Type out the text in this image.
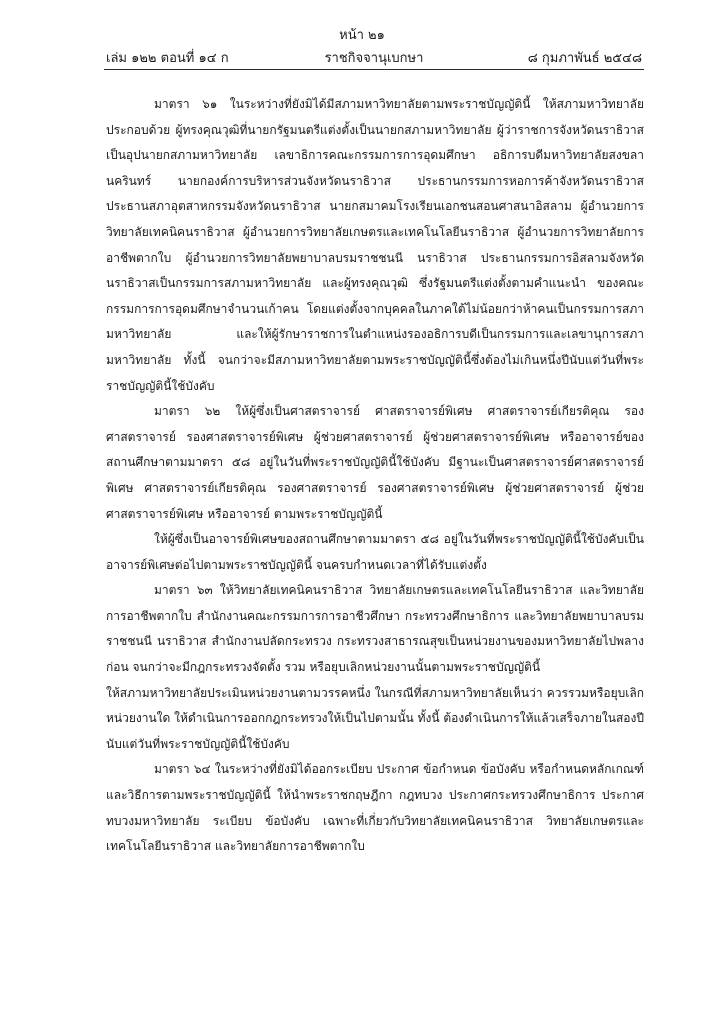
หน้า ๒๑
ราชกิจจานุเบกษา
เล่ม ๑๒๒ ตอนที่ ๑๔ ก	๘ กุมภาพันธ์ ๒๕๔๘

มาตรา ๖๑ ในระหว่างที่ยังมิได้มีสภามหาวิทยาลัยตามพระราชบัญญัตินี้ ให้สภามหาวิทยาลัย ประกอบด้วย ผู้ทรงคุณวุฒิที่นายกรัฐมนตรีแต่งตั้งเป็นนายกสภามหาวิทยาลัย ผู้ว่าราชการจังหวัดนราธิวาส เป็นอุปนายกสภามหาวิทยาลัย เลขาธิการคณะกรรมการการอุดมศึกษา อธิการบดีมหาวิทยาลัยสงขลานครินทร์ นายกองค์การบริหารส่วนจังหวัดนราธิวาส ประธานกรรมการหอการค้าจังหวัดนราธิวาส ประธานสภาอุตสาหกรรมจังหวัดนราธิวาส นายกสมาคมโรงเรียนเอกชนสอนศาสนาอิสลาม ผู้อำนวยการวิทยาลัยเทคนิคนราธิวาส ผู้อำนวยการวิทยาลัยเกษตรและเทคโนโลยีนราธิวาส ผู้อำนวยการวิทยาลัยการอาชีพตากใบ ผู้อำนวยการวิทยาลัยพยาบาลบรมราชชนนี นราธิวาส ประธานกรรมการอิสลามจังหวัดนราธิวาสเป็นกรรมการสภามหาวิทยาลัย และผู้ทรงคุณวุฒิ ซึ่งรัฐมนตรีแต่งตั้งตามคำแนะนำ ของคณะกรรมการการอุดมศึกษาจำนวนเก้าคน โดยแต่งตั้งจากบุคคลในภาคใต้ไม่น้อยกว่าห้าคนเป็นกรรมการสภามหาวิทยาลัย และให้ผู้รักษาราชการในตำแหน่งรองอธิการบดีเป็นกรรมการและเลขานุการสภามหาวิทยาลัย ทั้งนี้ จนกว่าจะมีสภามหาวิทยาลัยตามพระราชบัญญัตินี้ซึ่งต้องไม่เกินหนึ่งปีนับแต่วันที่พระราชบัญญัตินี้ใช้บังคับ

มาตรา ๖๒ ให้ผู้ซึ่งเป็นศาสตราจารย์ ศาสตราจารย์พิเศษ ศาสตราจารย์เกียรติคุณ รองศาสตราจารย์ รองศาสตราจารย์พิเศษ ผู้ช่วยศาสตราจารย์ ผู้ช่วยศาสตราจารย์พิเศษ หรืออาจารย์ของสถานศึกษาตามมาตรา ๕๘ อยู่ในวันที่พระราชบัญญัตินี้ใช้บังคับ มีฐานะเป็นศาสตราจารย์ศาสตราจารย์พิเศษ ศาสตราจารย์เกียรติคุณ รองศาสตราจารย์ รองศาสตราจารย์พิเศษ ผู้ช่วยศาสตราจารย์ ผู้ช่วยศาสตราจารย์พิเศษ หรืออาจารย์ ตามพระราชบัญญัตินี้

ให้ผู้ซึ่งเป็นอาจารย์พิเศษของสถานศึกษาตามมาตรา ๕๘ อยู่ในวันที่พระราชบัญญัตินี้ใช้บังคับเป็นอาจารย์พิเศษต่อไปตามพระราชบัญญัตินี้ จนครบกำหนดเวลาที่ได้รับแต่งตั้ง

มาตรา ๖๓ ให้วิทยาลัยเทคนิคนราธิวาส วิทยาลัยเกษตรและเทคโนโลยีนราธิวาส และวิทยาลัยการอาชีพตากใบ สำนักงานคณะกรรมการการอาชีวศึกษา กระทรวงศึกษาธิการ และวิทยาลัยพยาบาลบรมราชชนนี นราธิวาส สำนักงานปลัดกระทรวง กระทรวงสาธารณสุขเป็นหน่วยงานของมหาวิทยาลัยไปพลางก่อน จนกว่าจะมีกฎกระทรวงจัดตั้ง รวม หรือยุบเลิกหน่วยงานนั้นตามพระราชบัญญัตินี้

ให้สภามหาวิทยาลัยประเมินหน่วยงานตามวรรคหนึ่ง ในกรณีที่สภามหาวิทยาลัยเห็นว่า ควรรวมหรือยุบเลิกหน่วยงานใด ให้ดำเนินการออกกฎกระทรวงให้เป็นไปตามนั้น ทั้งนี้ ต้องดำเนินการให้แล้วเสร็จภายในสองปีนับแต่วันที่พระราชบัญญัตินี้ใช้บังคับ

มาตรา ๖๔ ในระหว่างที่ยังมิได้ออกระเบียบ ประกาศ ข้อกำหนด ข้อบังคับ หรือกำหนดหลักเกณฑ์และวิธีการตามพระราชบัญญัตินี้ ให้นำพระราชกฤษฎีกา กฎทบวง ประกาศกระทรวงศึกษาธิการ ประกาศทบวงมหาวิทยาลัย ระเบียบ ข้อบังคับ เฉพาะที่เกี่ยวกับวิทยาลัยเทคนิคนราธิวาส วิทยาลัยเกษตรและเทคโนโลยีนราธิวาส และวิทยาลัยการอาชีพตากใบ
